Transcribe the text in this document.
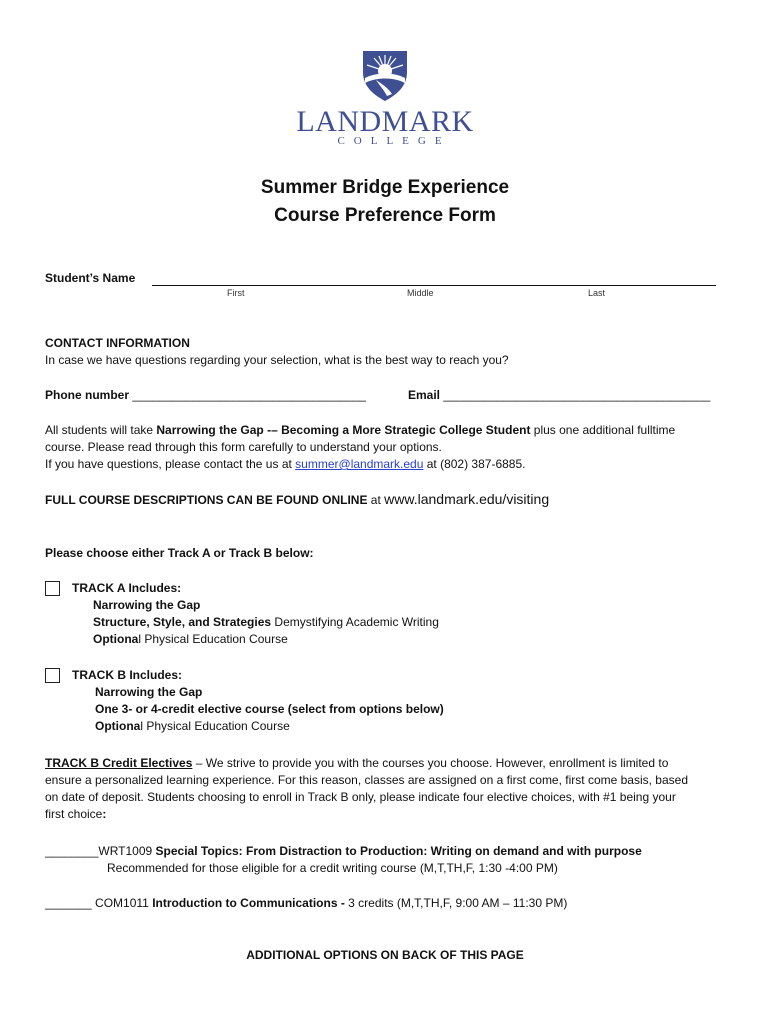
LANDMARK
COLLEGE
Summer Bridge Experience
Course Preference Form
Student’s Name
First	Middle	Last
CONTACT INFORMATION
In case we have questions regarding your selection, what is the best way to reach you?
Phone number ___________________________________	Email ________________________________________
All students will take Narrowing the Gap -– Becoming a More Strategic College Student plus one additional fulltime
course. Please read through this form carefully to understand your options.
If you have questions, please contact the us at summer@landmark.edu at (802) 387-6885.
FULL COURSE DESCRIPTIONS CAN BE FOUND ONLINE at www.landmark.edu/visiting
Please choose either Track A or Track B below:
TRACK A Includes:
Narrowing the Gap
Structure, Style, and Strategies Demystifying Academic Writing
Optional Physical Education Course
TRACK B Includes:
Narrowing the Gap
One 3- or 4-credit elective course (select from options below)
Optional Physical Education Course
TRACK B Credit Electives – We strive to provide you with the courses you choose. However, enrollment is limited to
ensure a personalized learning experience. For this reason, classes are assigned on a first come, first come basis, based
on date of deposit. Students choosing to enroll in Track B only, please indicate four elective choices, with #1 being your
first choice:
________WRT1009 Special Topics: From Distraction to Production: Writing on demand and with purpose
Recommended for those eligible for a credit writing course (M,T,TH,F, 1:30 -4:00 PM)
_______ COM1011 Introduction to Communications - 3 credits (M,T,TH,F, 9:00 AM – 11:30 PM)
ADDITIONAL OPTIONS ON BACK OF THIS PAGE
